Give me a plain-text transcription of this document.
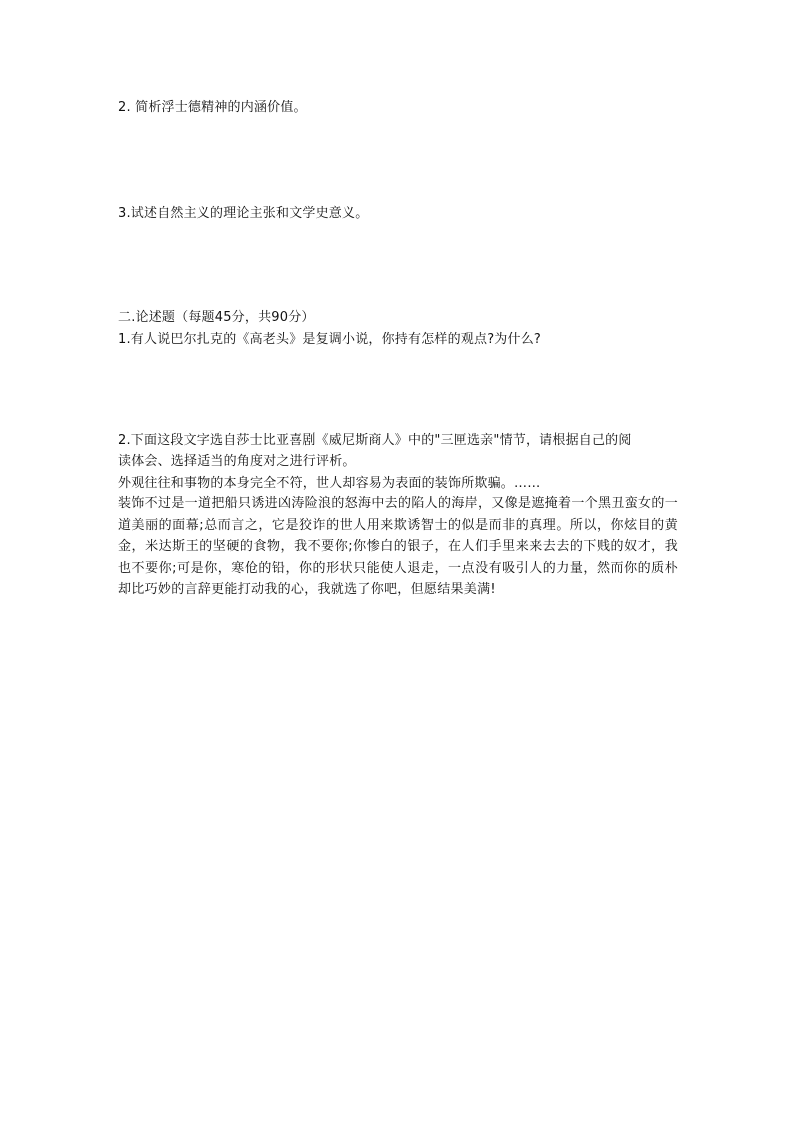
2. 简析浮士德精神的内涵价值。
3.试述自然主义的理论主张和文学史意义。
二.论述题（每题45分，共90分）
1.有人说巴尔扎克的《高老头》是复调小说，你持有怎样的观点?为什么?
2.下面这段文字选自莎士比亚喜剧《威尼斯商人》中的"三匣选亲"情节，请根据自己的阅
读体会、选择适当的角度对之进行评析。
外观往往和事物的本身完全不符，世人却容易为表面的装饰所欺骗。……
装饰不过是一道把船只诱进凶涛险浪的怒海中去的陷人的海岸，又像是遮掩着一个黑丑蛮女的一道美丽的面幕;总而言之，它是狡诈的世人用来欺诱智士的似是而非的真理。所以，你炫目的黄金，米达斯王的坚硬的食物，我不要你;你惨白的银子，在人们手里来来去去的下贱的奴才，我也不要你;可是你，寒伧的铅，你的形状只能使人退走，一点没有吸引人的力量，然而你的质朴却比巧妙的言辞更能打动我的心，我就选了你吧，但愿结果美满!
